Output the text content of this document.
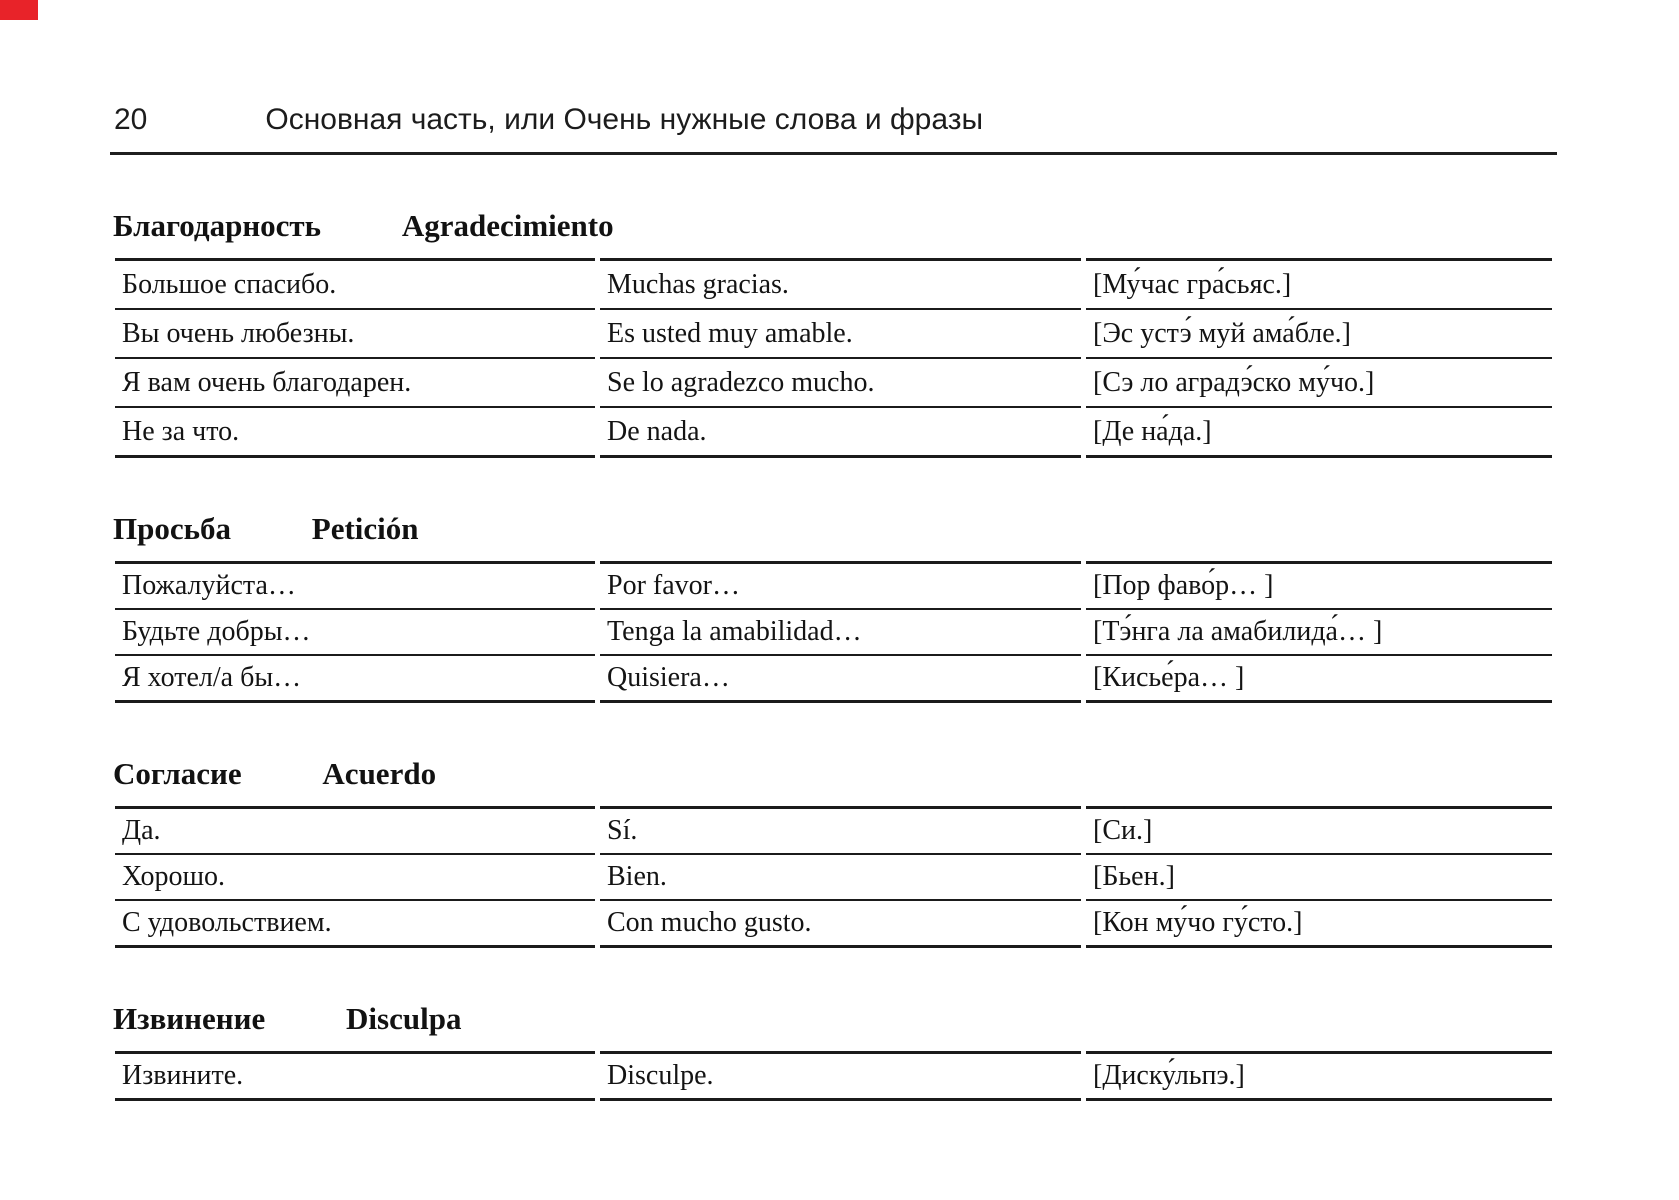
20	Основная часть, или Очень нужные слова и фразы
Благодарность	Agradecimiento
Большое спасибо.	Muchas gracias.	[Му́час гра́сьяс.]
Вы очень любезны.	Es usted muy amable.	[Эс устэ́ муй ама́бле.]
Я вам очень благодарен.	Se lo agradezco mucho.	[Сэ ло аградэ́ско му́чо.]
Не за что.	De nada.	[Де на́да.]
Просьба	Petición
Пожалуйста…	Por favor…	[Пор фаво́р… ]
Будьте добры…	Tenga la amabilidad…	[Тэ́нга ла амабилида́… ]
Я хотел/а бы…	Quisiera…	[Кисье́ра… ]
Согласие	Acuerdo
Да.	Sí.	[Си.]
Хорошо.	Bien.	[Бьен.]
С удовольствием.	Con mucho gusto.	[Кон му́чо гу́сто.]
Извинение	Disculpa
Извините.	Disculpe.	[Диску́льпэ.]
